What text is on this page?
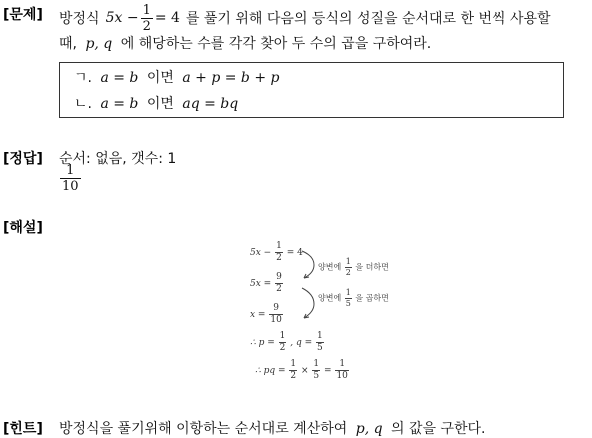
[문제] 방정식 $5x - \frac{1}{2} = 4$ 를 풀기 위해 다음의 등식의 성질을 순서대로 한 번씩 사용할
때, p, q 에 해당하는 수를 각각 찾아 두 수의 곱을 구하여라.
ㄱ. a = b 이면 a + p = b + p
ㄴ. a = b 이면 aq = bq
[정답] 순서: 없음, 갯수: 1
$\frac{1}{10}$
[해설]
$5x - \frac{1}{2} = 4$
양변에 $\frac{1}{2}$ 을 더하면
$5x = \frac{9}{2}$
양변에 $\frac{1}{5}$ 을 곱하면
$x = \frac{9}{10}$
∴ $p = \frac{1}{2}$ , $q = \frac{1}{5}$
∴ pq = $\frac{1}{2} \times \frac{1}{5} = \frac{1}{10}$
[힌트] 방정식을 풀기위해 이항하는 순서대로 계산하여 p, q 의 값을 구한다.
